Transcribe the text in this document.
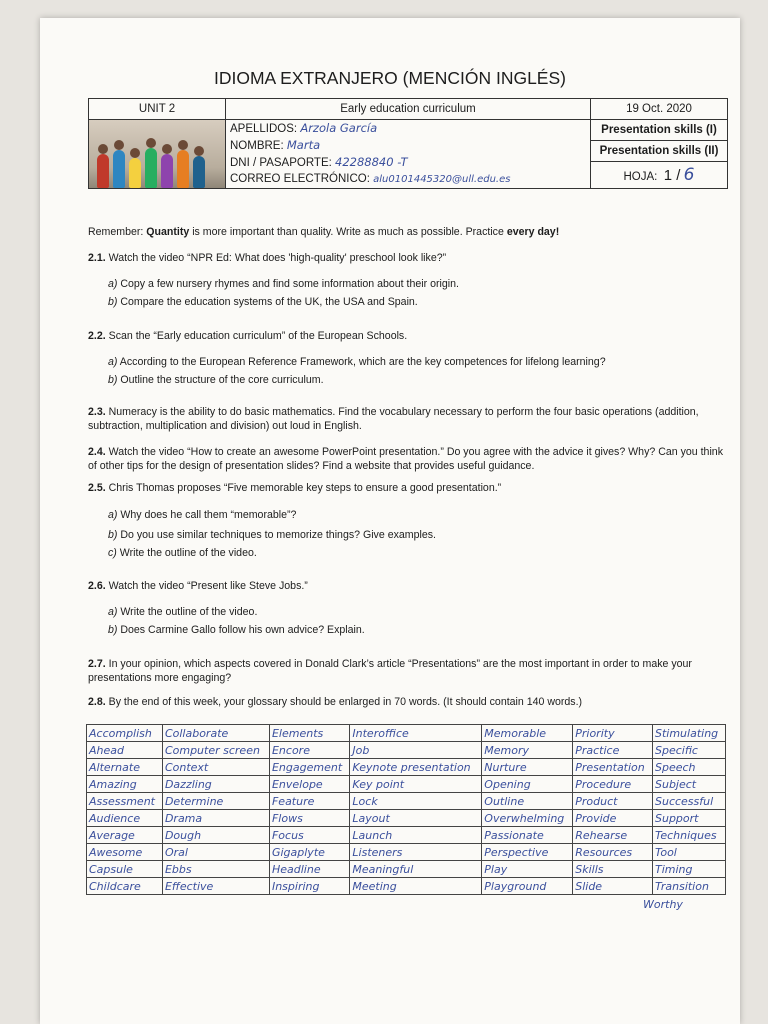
IDIOMA EXTRANJERO (MENCIÓN INGLÉS)
UNIT 2	Early education curriculum	19 Oct. 2020

	APELLIDOS: Arzola García
NOMBRE: Marta
DNI / PASAPORTE: 42288840 -T
CORREO ELECTRÓNICO: alu0101445320@ull.edu.es	Presentation skills (I)
		Presentation skills (II)
		HOJA: 1 / 6

Remember: Quantity is more important than quality. Write as much as possible. Practice every day!

2.1. Watch the video “NPR Ed: What does 'high-quality' preschool look like?”

a) Copy a few nursery rhymes and find some information about their origin.

b) Compare the education systems of the UK, the USA and Spain.

2.2. Scan the “Early education curriculum” of the European Schools.

a) According to the European Reference Framework, which are the key competences for lifelong learning?

b) Outline the structure of the core curriculum.

2.3. Numeracy is the ability to do basic mathematics. Find the vocabulary necessary to perform the four basic operations (addition, subtraction, multiplication and division) out loud in English.

2.4. Watch the video “How to create an awesome PowerPoint presentation.” Do you agree with the advice it gives? Why? Can you think of other tips for the design of presentation slides? Find a website that provides useful guidance.

2.5. Chris Thomas proposes “Five memorable key steps to ensure a good presentation.”

a) Why does he call them “memorable”?

b) Do you use similar techniques to memorize things? Give examples.

c) Write the outline of the video.

2.6. Watch the video “Present like Steve Jobs.”

a) Write the outline of the video.

b) Does Carmine Gallo follow his own advice? Explain.

2.7. In your opinion, which aspects covered in Donald Clark’s article “Presentations” are the most important in order to make your presentations more engaging?

2.8. By the end of this week, your glossary should be enlarged in 70 words. (It should contain 140 words.)

Accomplish	Collaborate	Elements	Interoffice	Memorable	Priority	Stimulating
Ahead	Computer screen	Encore	Job	Memory	Practice	Specific
Alternate	Context	Engagement	Keynote presentation	Nurture	Presentation	Speech
Amazing	Dazzling	Envelope	Key point	Opening	Procedure	Subject
Assessment	Determine	Feature	Lock	Outline	Product	Successful
Audience	Drama	Flows	Layout	Overwhelming	Provide	Support
Average	Dough	Focus	Launch	Passionate	Rehearse	Techniques
Awesome	Oral	Gigaplyte	Listeners	Perspective	Resources	Tool
Capsule	Ebbs	Headline	Meaningful	Play	Skills	Timing
Childcare	Effective	Inspiring	Meeting	Playground	Slide	Transition
Worthy
